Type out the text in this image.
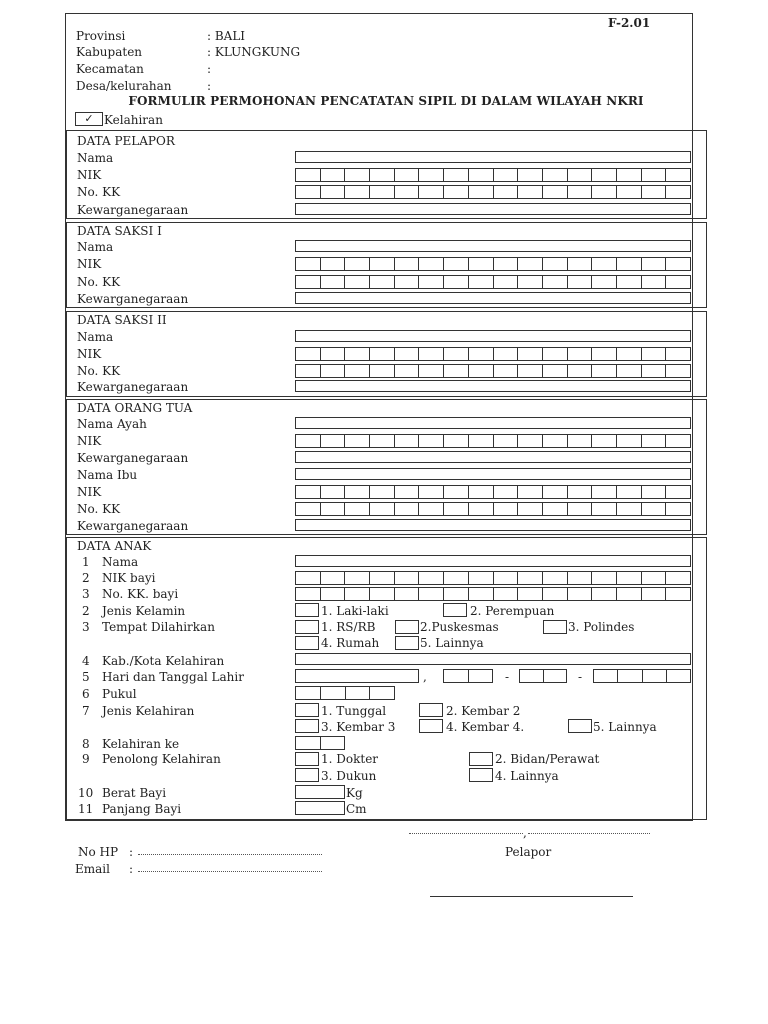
F-2.01
Provinsi	: BALI
Kabupaten	: KLUNGKUNG
Kecamatan	:
Desa/kelurahan	:
FORMULIR PERMOHONAN PENCATATAN SIPIL DI DALAM WILAYAH NKRI
✓ Kelahiran
DATA PELAPOR
Nama
NIK
No. KK
Kewarganegaraan
DATA SAKSI I
Nama
NIK
No. KK
Kewarganegaraan
DATA SAKSI II
Nama
NIK
No. KK
Kewarganegaraan
DATA ORANG TUA
Nama Ayah
NIK
Kewarganegaraan
Nama Ibu
NIK
No. KK
Kewarganegaraan
DATA ANAK
1 Nama
2 NIK bayi
3 No. KK. bayi
2 Jenis Kelamin	1. Laki-laki	2. Perempuan
3 Tempat Dilahirkan	1. RS/RB	2.Puskesmas	3. Polindes
4. Rumah	5. Lainnya
4 Kab./Kota Kelahiran
5 Hari dan Tanggal Lahir	,	-	-
6 Pukul
7 Jenis Kelahiran	1. Tunggal	2. Kembar 2
3. Kembar 3	4. Kembar 4.	5. Lainnya
8 Kelahiran ke
9 Penolong Kelahiran	1. Dokter	2. Bidan/Perawat
3. Dukun	4. Lainnya
10 Berat Bayi	Kg
11 Panjang Bayi	Cm
,
No HP :	Pelapor
Email :
